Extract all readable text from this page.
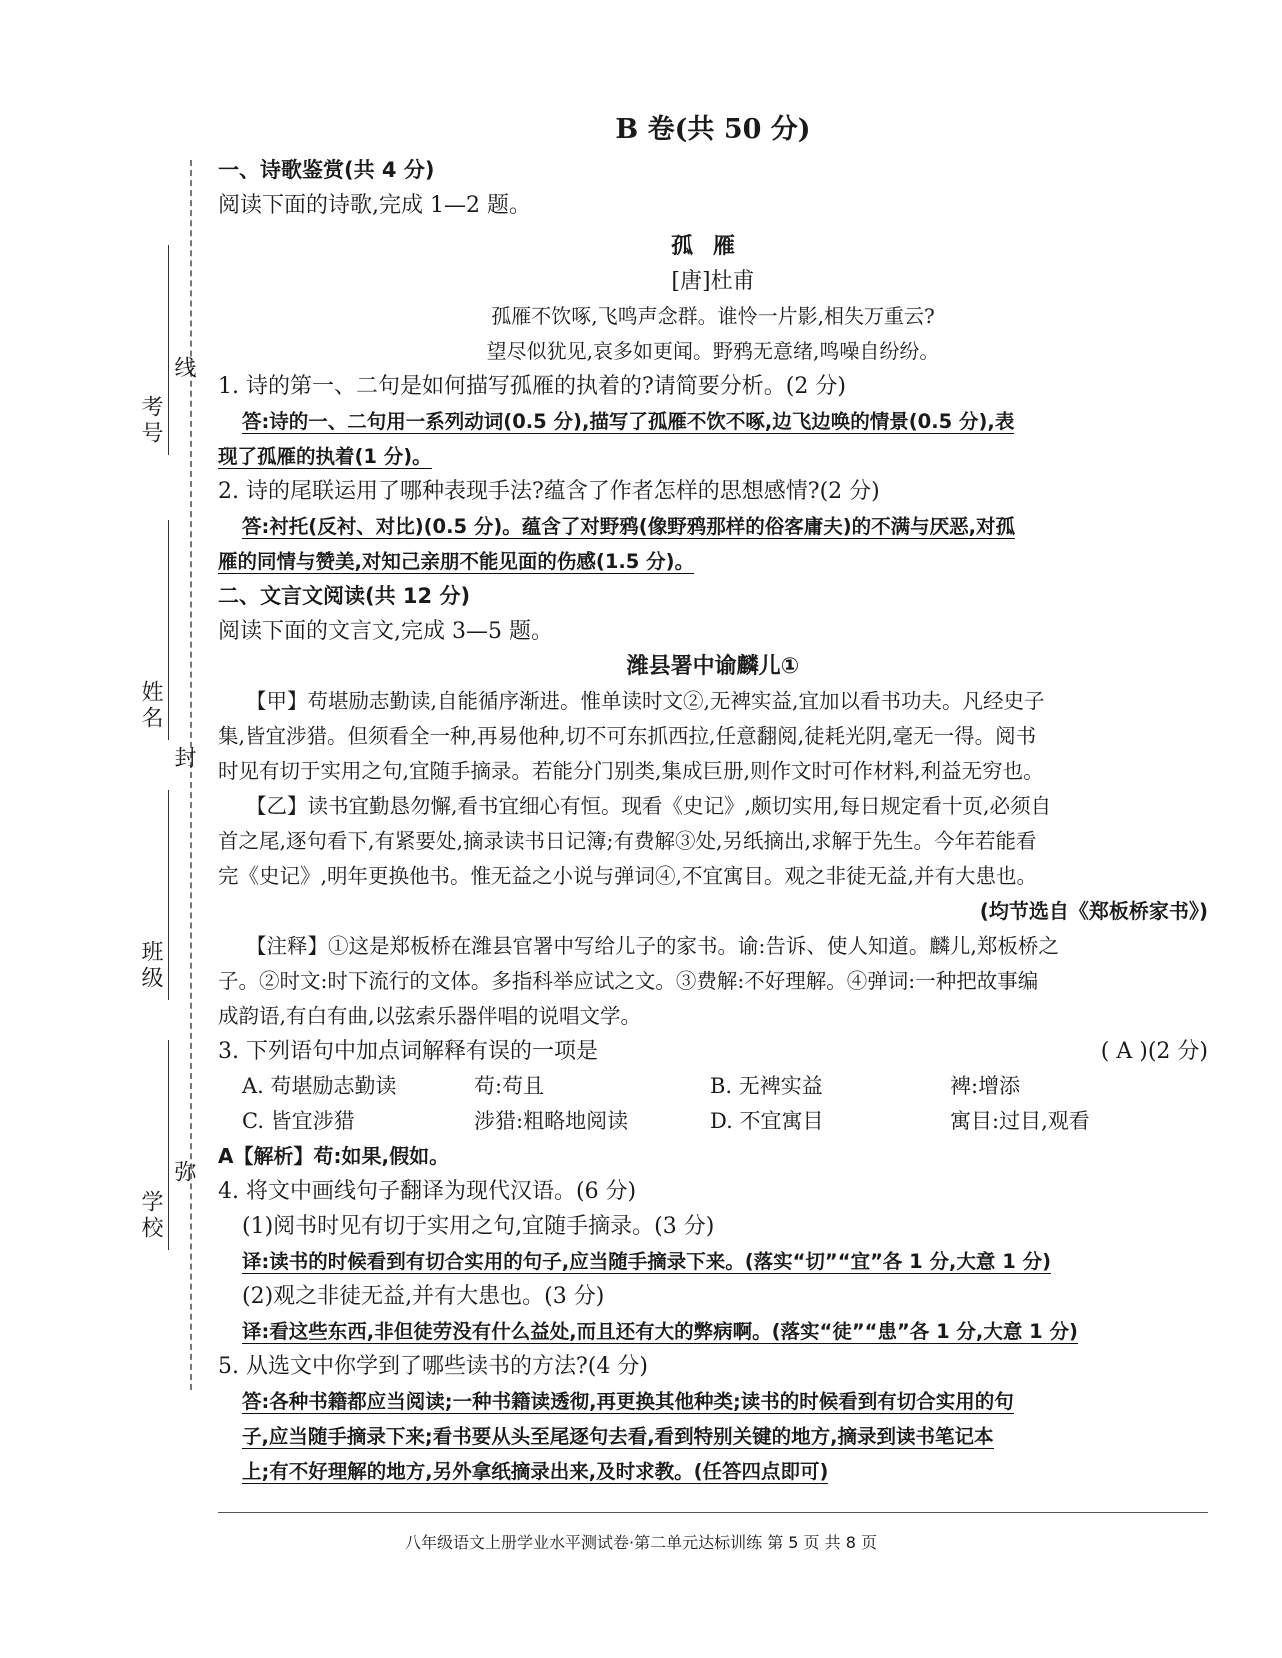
线
考号
姓名
封
班级
学校
弥
B 卷(共 50 分)
一、诗歌鉴赏(共 4 分)
阅读下面的诗歌,完成 1—2 题。
孤雁
[唐]杜甫
孤雁不饮啄,飞鸣声念群。谁怜一片影,相失万重云?
望尽似犹见,哀多如更闻。野鸦无意绪,鸣噪自纷纷。
1. 诗的第一、二句是如何描写孤雁的执着的?请简要分析。(2 分)
答:诗的一、二句用一系列动词(0.5 分),描写了孤雁不饮不啄,边飞边唤的情景(0.5 分),表
现了孤雁的执着(1 分)。
2. 诗的尾联运用了哪种表现手法?蕴含了作者怎样的思想感情?(2 分)
答:衬托(反衬、对比)(0.5 分)。蕴含了对野鸦(像野鸦那样的俗客庸夫)的不满与厌恶,对孤
雁的同情与赞美,对知己亲朋不能见面的伤感(1.5 分)。
二、文言文阅读(共 12 分)
阅读下面的文言文,完成 3—5 题。
潍县署中谕麟儿①
【甲】苟堪励志勤读,自能循序渐进。惟单读时文②,无裨实益,宜加以看书功夫。凡经史子
集,皆宜涉猎。但须看全一种,再易他种,切不可东抓西拉,任意翻阅,徒耗光阴,毫无一得。阅书
时见有切于实用之句,宜随手摘录。若能分门别类,集成巨册,则作文时可作材料,利益无穷也。
【乙】读书宜勤恳勿懈,看书宜细心有恒。现看《史记》,颇切实用,每日规定看十页,必须自
首之尾,逐句看下,有紧要处,摘录读书日记簿;有费解③处,另纸摘出,求解于先生。今年若能看
完《史记》,明年更换他书。惟无益之小说与弹词④,不宜寓目。观之非徒无益,并有大患也。
(均节选自《郑板桥家书》)
【注释】①这是郑板桥在潍县官署中写给儿子的家书。谕:告诉、使人知道。麟儿,郑板桥之
子。②时文:时下流行的文体。多指科举应试之文。③费解:不好理解。④弹词:一种把故事编
成韵语,有白有曲,以弦索乐器伴唱的说唱文学。
3. 下列语句中加点词解释有误的一项是	( A )(2 分)
A. 苟堪励志勤读	苟:苟且	B. 无裨实益	裨:增添
C. 皆宜涉猎	涉猎:粗略地阅读	D. 不宜寓目	寓目:过目,观看
A【解析】苟:如果,假如。
4. 将文中画线句子翻译为现代汉语。(6 分)
(1)阅书时见有切于实用之句,宜随手摘录。(3 分)
译:读书的时候看到有切合实用的句子,应当随手摘录下来。(落实“切”“宜”各 1 分,大意 1 分)
(2)观之非徒无益,并有大患也。(3 分)
译:看这些东西,非但徒劳没有什么益处,而且还有大的弊病啊。(落实“徒”“患”各 1 分,大意 1 分)
5. 从选文中你学到了哪些读书的方法?(4 分)
答:各种书籍都应当阅读;一种书籍读透彻,再更换其他种类;读书的时候看到有切合实用的句
子,应当随手摘录下来;看书要从头至尾逐句去看,看到特别关键的地方,摘录到读书笔记本
上;有不好理解的地方,另外拿纸摘录出来,及时求教。(任答四点即可)
八年级语文上册学业水平测试卷·第二单元达标训练 第 5 页 共 8 页
